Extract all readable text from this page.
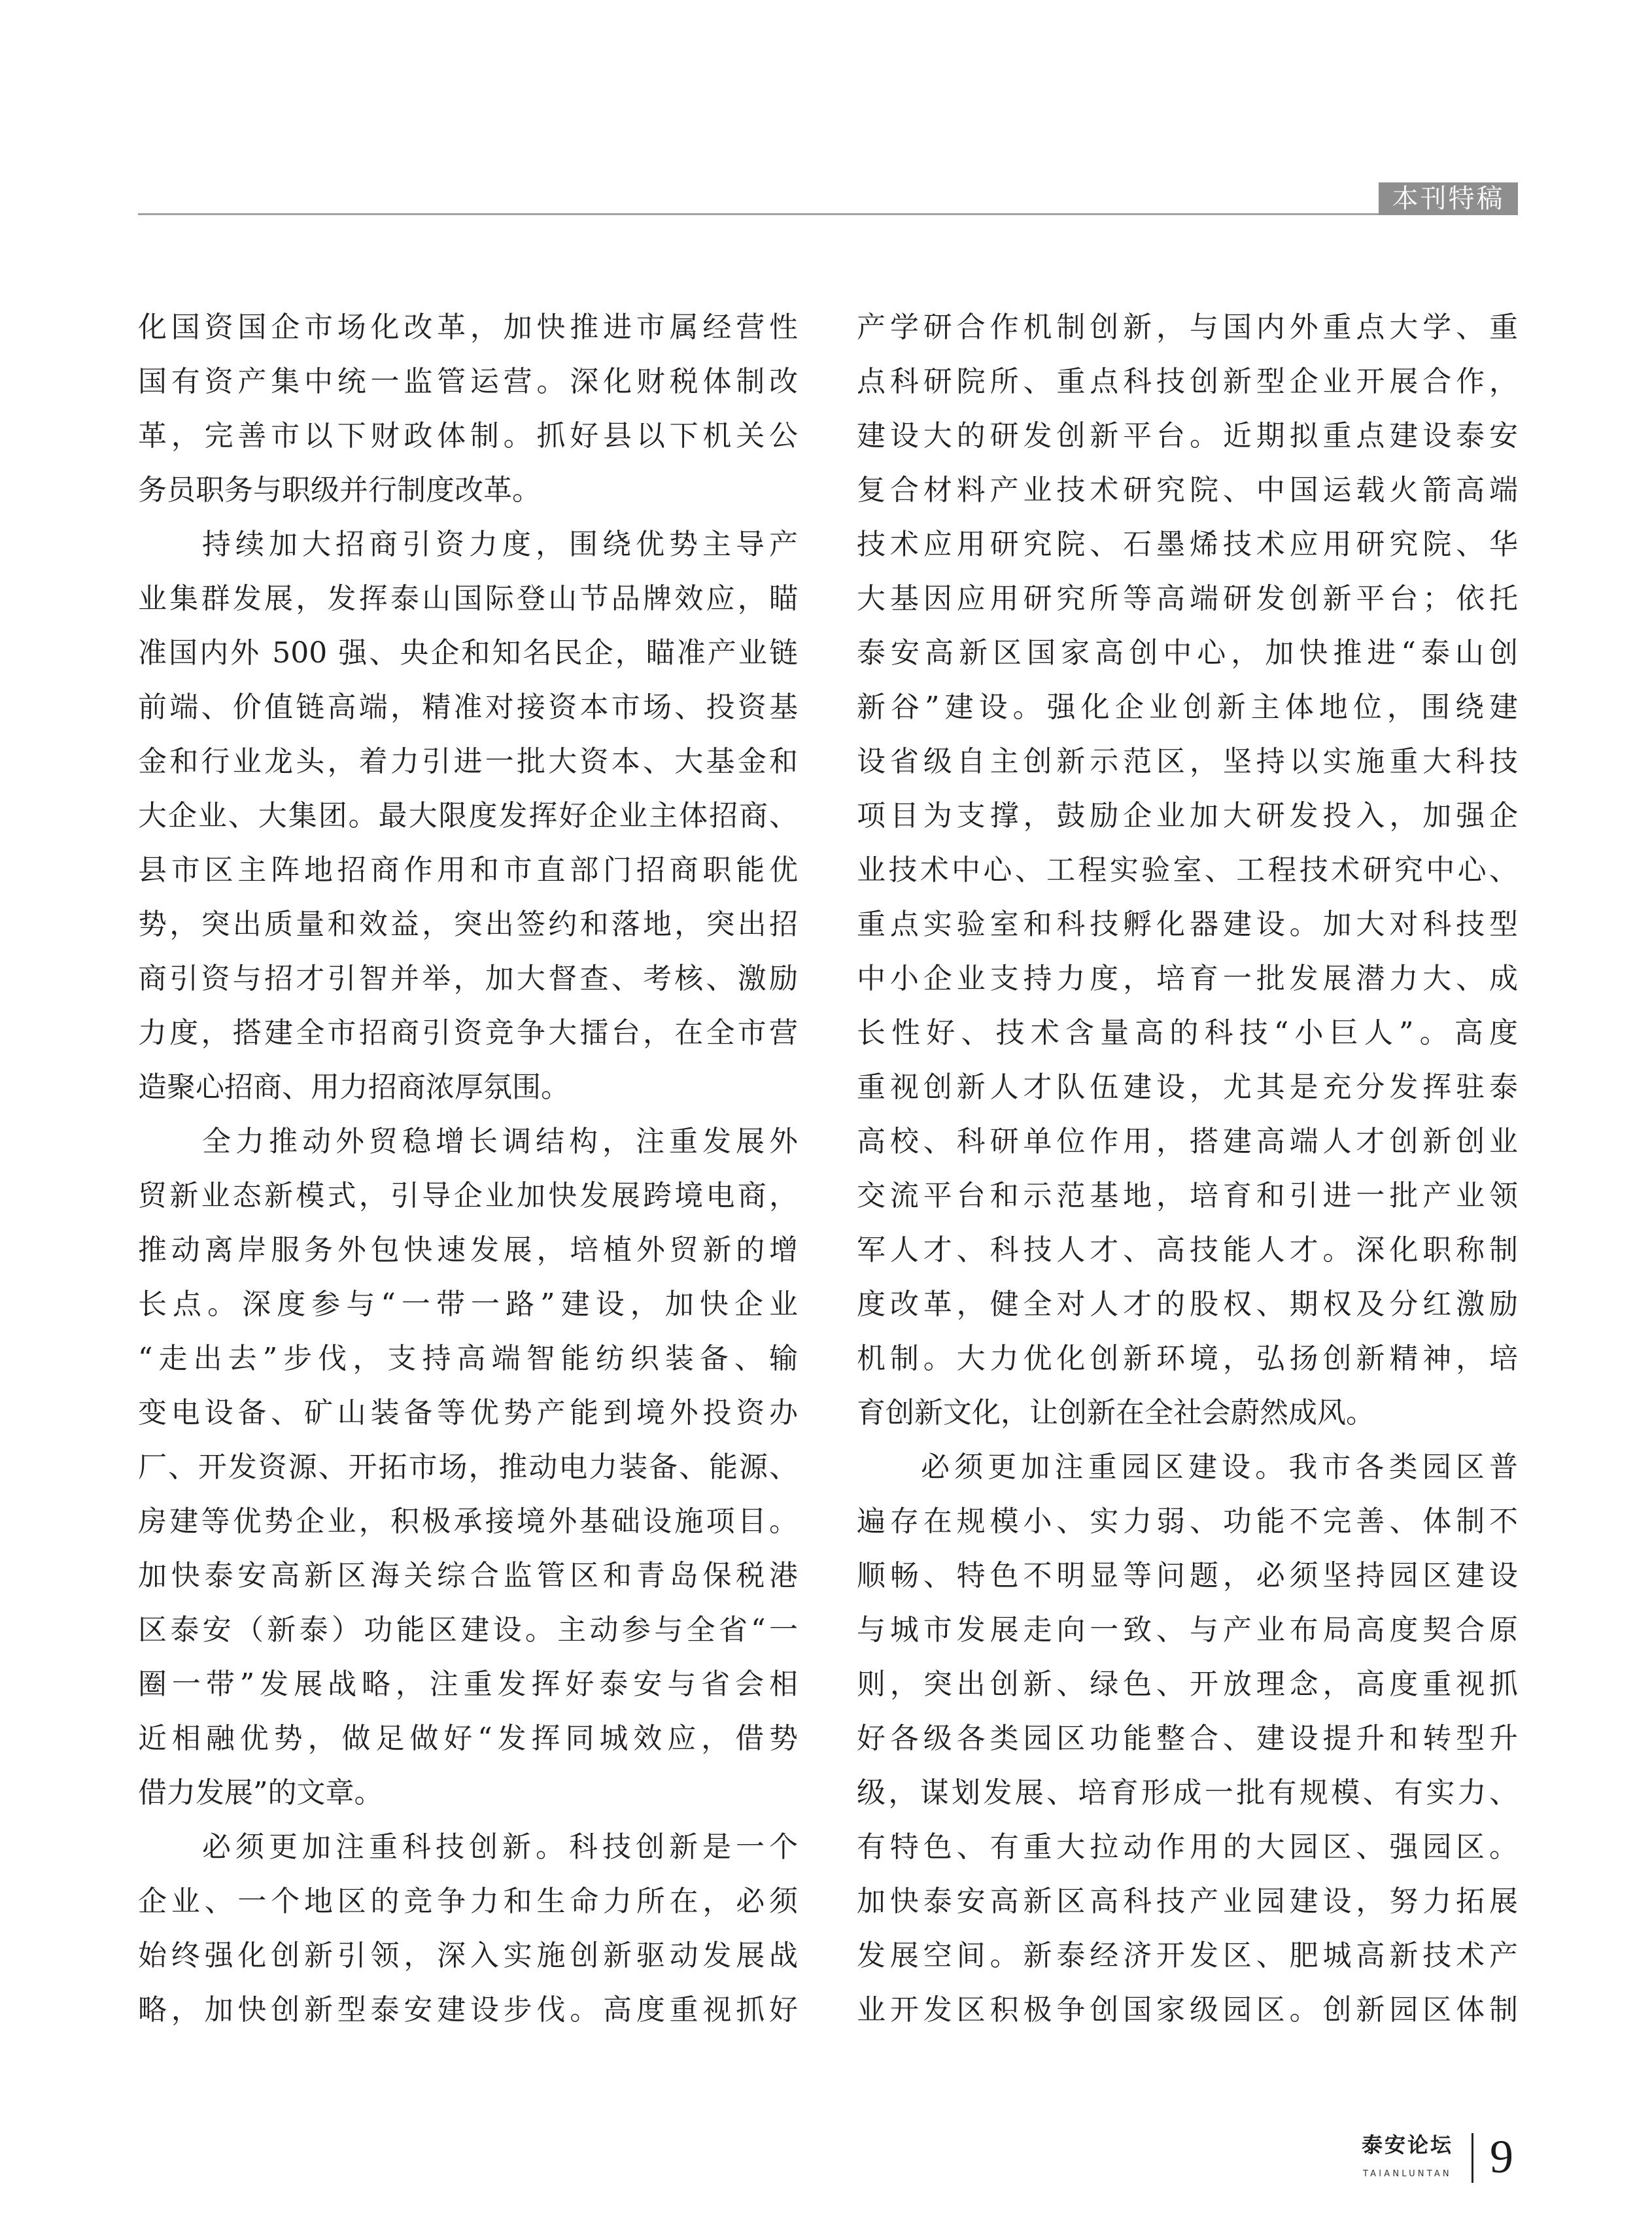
本刊特稿
化国资国企市场化改革，加快推进市属经营性
国有资产集中统一监管运营。深化财税体制改
革，完善市以下财政体制。抓好县以下机关公
务员职务与职级并行制度改革。
持续加大招商引资力度，围绕优势主导产
业集群发展，发挥泰山国际登山节品牌效应，瞄
准国内外 500 强、央企和知名民企，瞄准产业链
前端、价值链高端，精准对接资本市场、投资基
金和行业龙头，着力引进一批大资本、大基金和
大企业、大集团。最大限度发挥好企业主体招商、
县市区主阵地招商作用和市直部门招商职能优
势，突出质量和效益，突出签约和落地，突出招
商引资与招才引智并举，加大督查、考核、激励
力度，搭建全市招商引资竞争大擂台，在全市营
造聚心招商、用力招商浓厚氛围。
全力推动外贸稳增长调结构，注重发展外
贸新业态新模式，引导企业加快发展跨境电商，
推动离岸服务外包快速发展，培植外贸新的增
长点。深度参与“一带一路”建设，加快企业
“走出去”步伐，支持高端智能纺织装备、输
变电设备、矿山装备等优势产能到境外投资办
厂、开发资源、开拓市场，推动电力装备、能源、
房建等优势企业，积极承接境外基础设施项目。
加快泰安高新区海关综合监管区和青岛保税港
区泰安（新泰）功能区建设。主动参与全省“一
圈一带”发展战略，注重发挥好泰安与省会相
近相融优势，做足做好“发挥同城效应，借势
借力发展”的文章。
必须更加注重科技创新。科技创新是一个
企业、一个地区的竞争力和生命力所在，必须
始终强化创新引领，深入实施创新驱动发展战
略，加快创新型泰安建设步伐。高度重视抓好
产学研合作机制创新，与国内外重点大学、重
点科研院所、重点科技创新型企业开展合作，
建设大的研发创新平台。近期拟重点建设泰安
复合材料产业技术研究院、中国运载火箭高端
技术应用研究院、石墨烯技术应用研究院、华
大基因应用研究所等高端研发创新平台；依托
泰安高新区国家高创中心，加快推进“泰山创
新谷”建设。强化企业创新主体地位，围绕建
设省级自主创新示范区，坚持以实施重大科技
项目为支撑，鼓励企业加大研发投入，加强企
业技术中心、工程实验室、工程技术研究中心、
重点实验室和科技孵化器建设。加大对科技型
中小企业支持力度，培育一批发展潜力大、成
长性好、技术含量高的科技“小巨人”。高度
重视创新人才队伍建设，尤其是充分发挥驻泰
高校、科研单位作用，搭建高端人才创新创业
交流平台和示范基地，培育和引进一批产业领
军人才、科技人才、高技能人才。深化职称制
度改革，健全对人才的股权、期权及分红激励
机制。大力优化创新环境，弘扬创新精神，培
育创新文化，让创新在全社会蔚然成风。
必须更加注重园区建设。我市各类园区普
遍存在规模小、实力弱、功能不完善、体制不
顺畅、特色不明显等问题，必须坚持园区建设
与城市发展走向一致、与产业布局高度契合原
则，突出创新、绿色、开放理念，高度重视抓
好各级各类园区功能整合、建设提升和转型升
级，谋划发展、培育形成一批有规模、有实力、
有特色、有重大拉动作用的大园区、强园区。
加快泰安高新区高科技产业园建设，努力拓展
发展空间。新泰经济开发区、肥城高新技术产
业开发区积极争创国家级园区。创新园区体制
泰安论坛
TAIANLUNTAN 9
